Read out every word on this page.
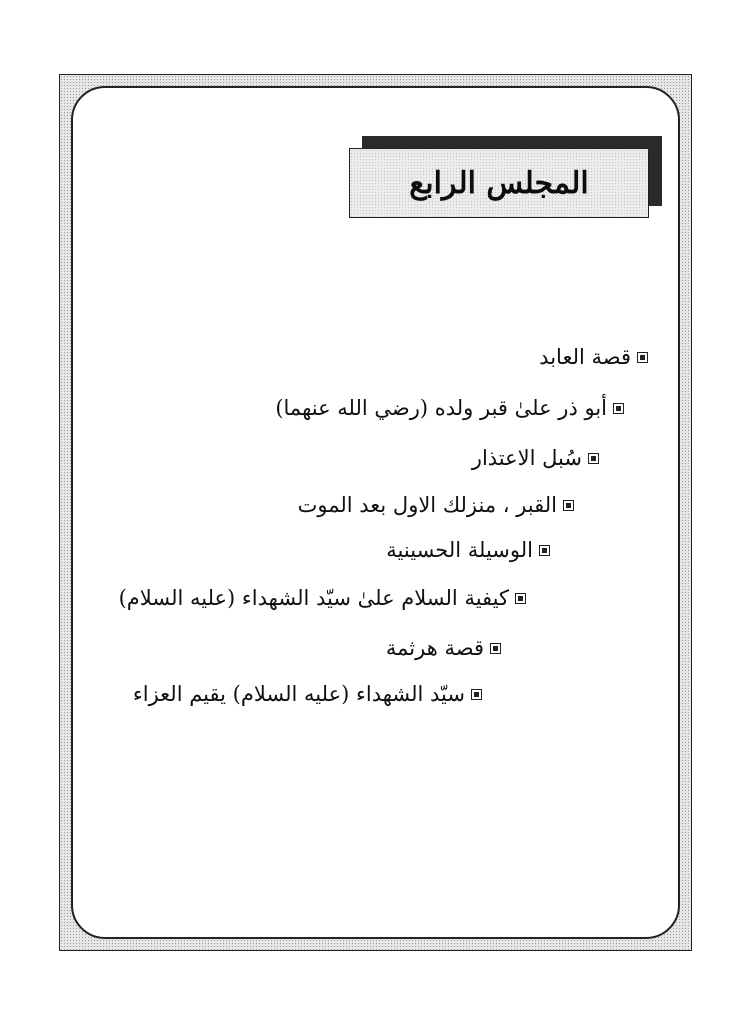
المجلس الرابع
قصة العابد
أبو ذر علىٰ قبر ولده (رضي الله عنهما)
سُبل الاعتذار
القبر ، منزلك الاول بعد الموت
الوسيلة الحسينية
كيفية السلام علىٰ سيّد الشهداء (عليه السلام)
قصة هرثمة
سيّد الشهداء (عليه السلام) يقيم العزاء
